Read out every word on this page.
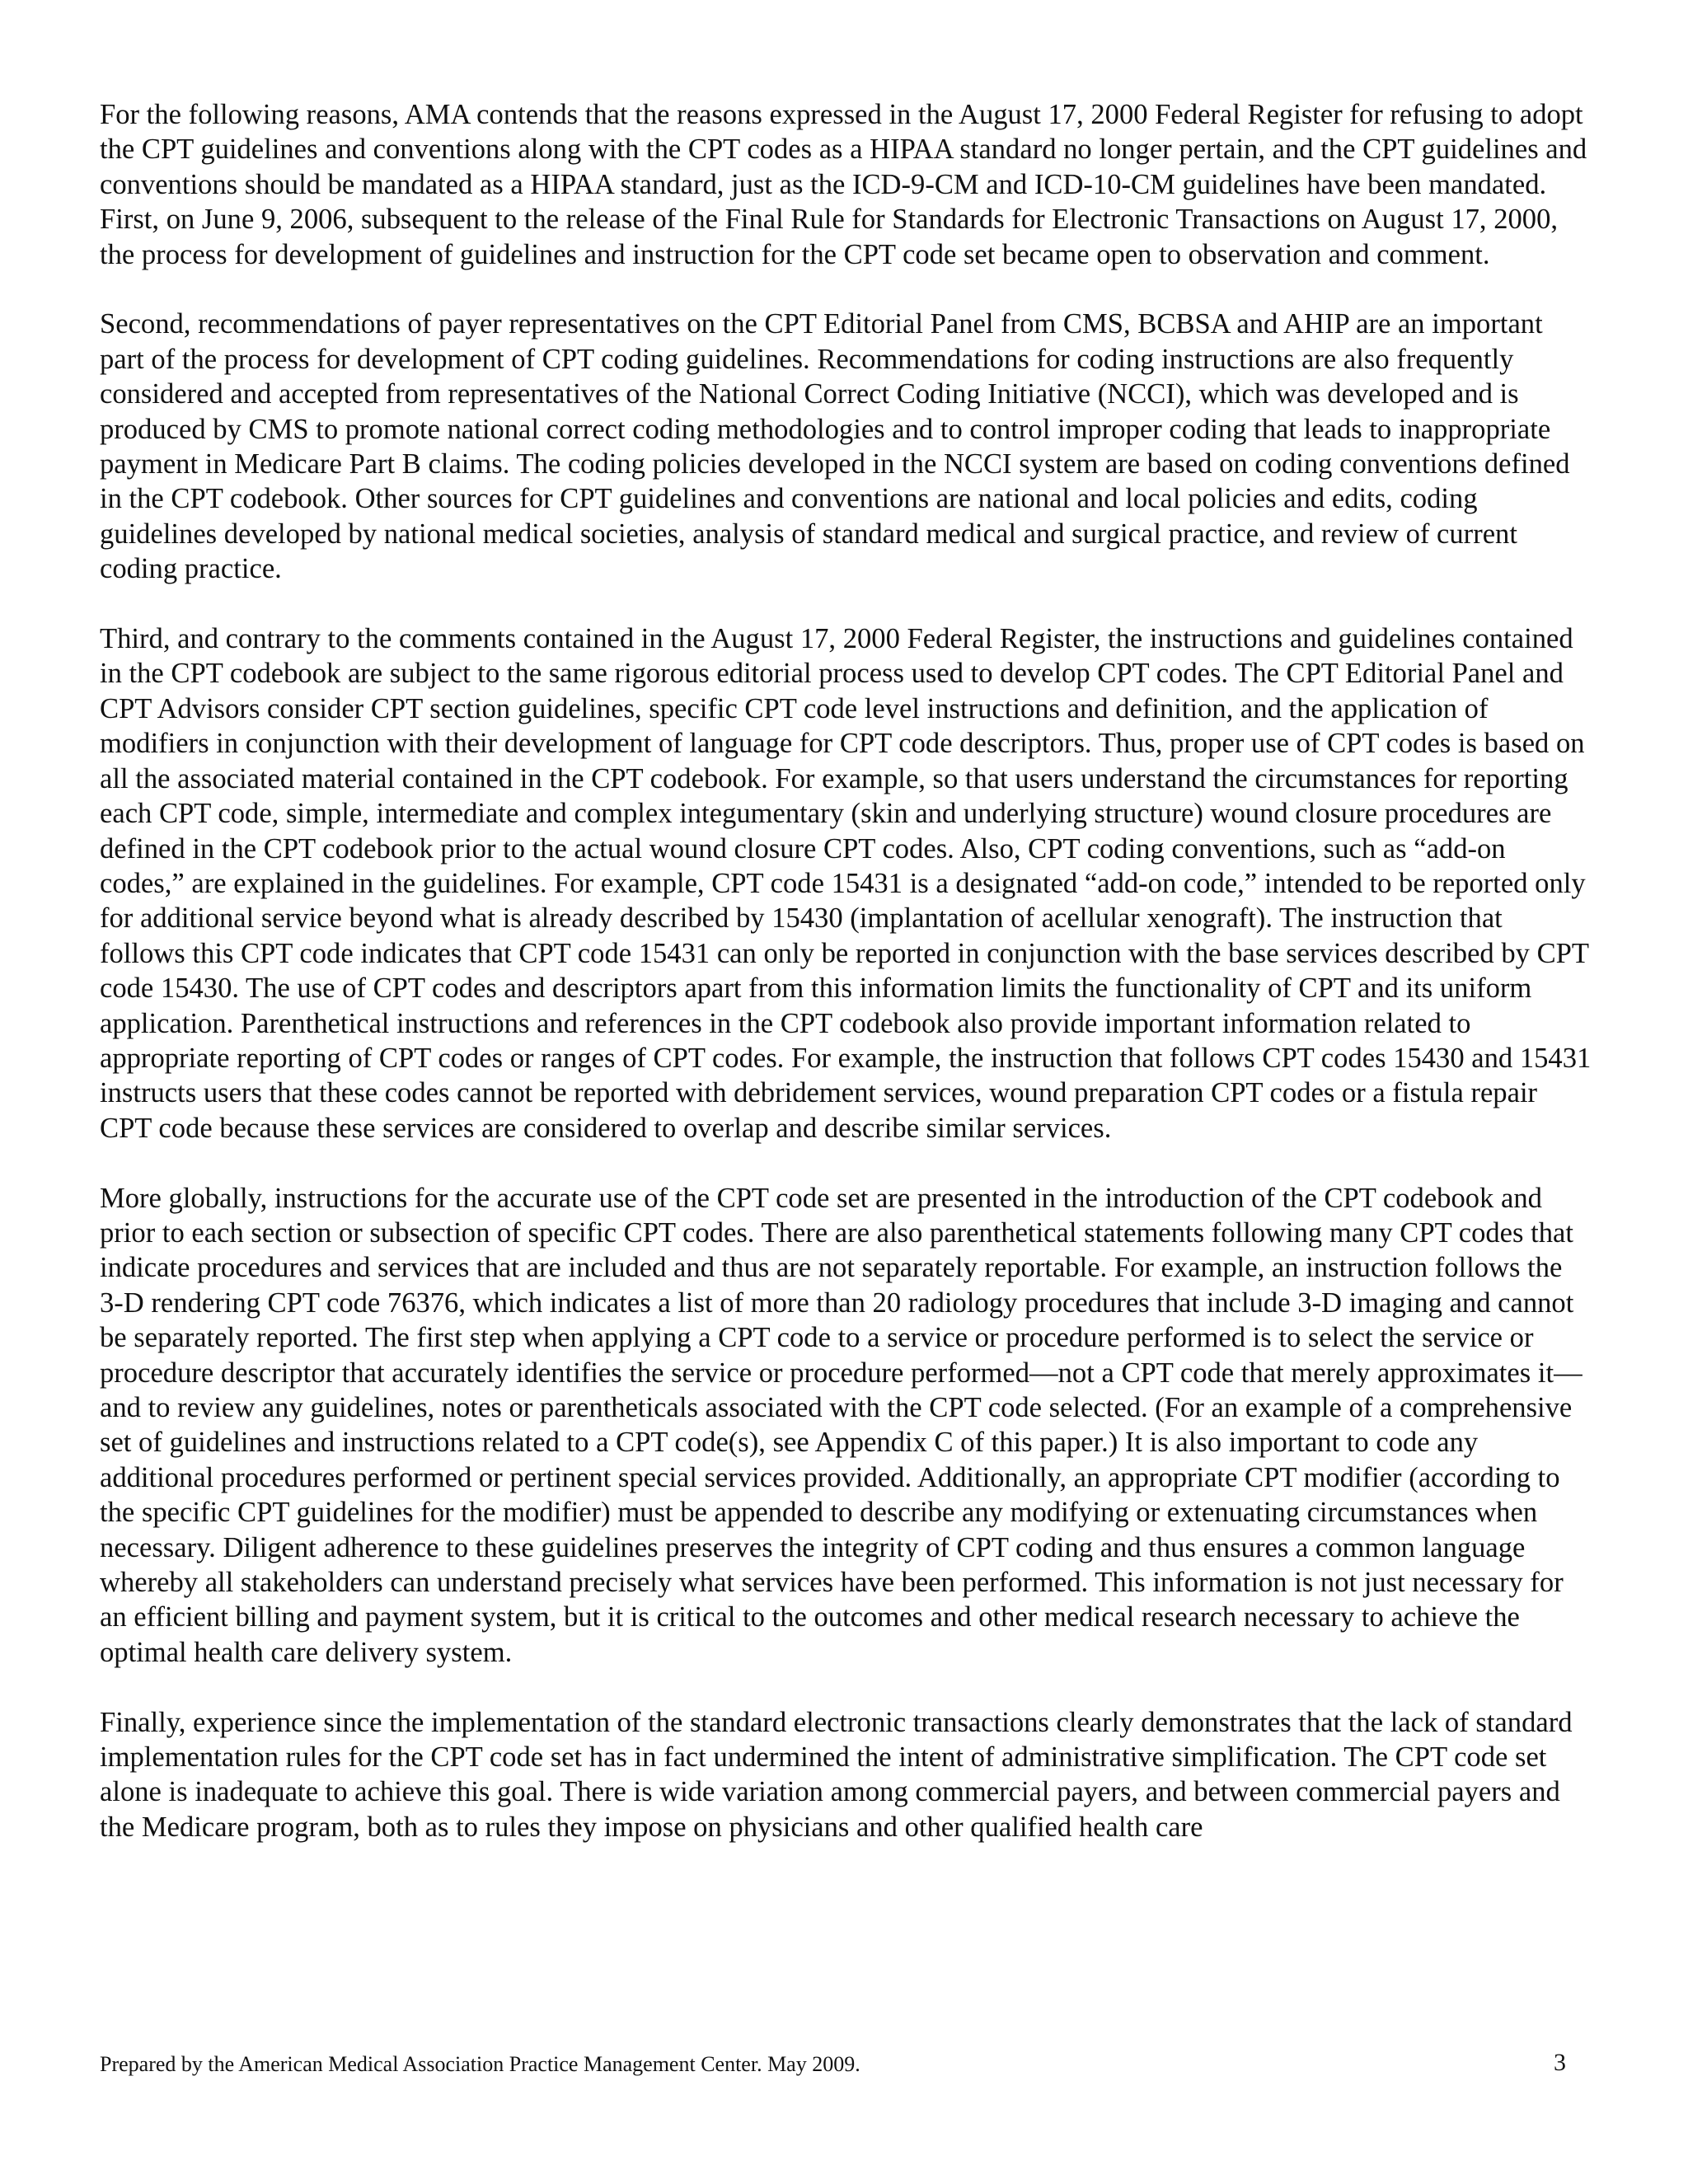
For the following reasons, AMA contends that the reasons expressed in the August 17, 2000 Federal Register for refusing to adopt the CPT guidelines and conventions along with the CPT codes as a HIPAA standard no longer pertain, and the CPT guidelines and conventions should be mandated as a HIPAA standard, just as the ICD-9-CM and ICD-10-CM guidelines have been mandated. First, on June 9, 2006, subsequent to the release of the Final Rule for Standards for Electronic Transactions on August 17, 2000, the process for development of guidelines and instruction for the CPT code set became open to observation and comment.

Second, recommendations of payer representatives on the CPT Editorial Panel from CMS, BCBSA and AHIP are an important part of the process for development of CPT coding guidelines. Recommendations for coding instructions are also frequently considered and accepted from representatives of the National Correct Coding Initiative (NCCI), which was developed and is produced by CMS to promote national correct coding methodologies and to control improper coding that leads to inappropriate payment in Medicare Part B claims. The coding policies developed in the NCCI system are based on coding conventions defined in the CPT codebook. Other sources for CPT guidelines and conventions are national and local policies and edits, coding guidelines developed by national medical societies, analysis of standard medical and surgical practice, and review of current coding practice.

Third, and contrary to the comments contained in the August 17, 2000 Federal Register, the instructions and guidelines contained in the CPT codebook are subject to the same rigorous editorial process used to develop CPT codes. The CPT Editorial Panel and CPT Advisors consider CPT section guidelines, specific CPT code level instructions and definition, and the application of modifiers in conjunction with their development of language for CPT code descriptors. Thus, proper use of CPT codes is based on all the associated material contained in the CPT codebook. For example, so that users understand the circumstances for reporting each CPT code, simple, intermediate and complex integumentary (skin and underlying structure) wound closure procedures are defined in the CPT codebook prior to the actual wound closure CPT codes. Also, CPT coding conventions, such as “add-on codes,” are explained in the guidelines. For example, CPT code 15431 is a designated “add-on code,” intended to be reported only for additional service beyond what is already described by 15430 (implantation of acellular xenograft). The instruction that follows this CPT code indicates that CPT code 15431 can only be reported in conjunction with the base services described by CPT code 15430. The use of CPT codes and descriptors apart from this information limits the functionality of CPT and its uniform application. Parenthetical instructions and references in the CPT codebook also provide important information related to appropriate reporting of CPT codes or ranges of CPT codes. For example, the instruction that follows CPT codes 15430 and 15431 instructs users that these codes cannot be reported with debridement services, wound preparation CPT codes or a fistula repair CPT code because these services are considered to overlap and describe similar services.

More globally, instructions for the accurate use of the CPT code set are presented in the introduction of the CPT codebook and prior to each section or subsection of specific CPT codes. There are also parenthetical statements following many CPT codes that indicate procedures and services that are included and thus are not separately reportable. For example, an instruction follows the 3-D rendering CPT code 76376, which indicates a list of more than 20 radiology procedures that include 3-D imaging and cannot be separately reported. The first step when applying a CPT code to a service or procedure performed is to select the service or procedure descriptor that accurately identifies the service or procedure performed—not a CPT code that merely approximates it—and to review any guidelines, notes or parentheticals associated with the CPT code selected. (For an example of a comprehensive set of guidelines and instructions related to a CPT code(s), see Appendix C of this paper.) It is also important to code any additional procedures performed or pertinent special services provided. Additionally, an appropriate CPT modifier (according to the specific CPT guidelines for the modifier) must be appended to describe any modifying or extenuating circumstances when necessary. Diligent adherence to these guidelines preserves the integrity of CPT coding and thus ensures a common language whereby all stakeholders can understand precisely what services have been performed. This information is not just necessary for an efficient billing and payment system, but it is critical to the outcomes and other medical research necessary to achieve the optimal health care delivery system.

Finally, experience since the implementation of the standard electronic transactions clearly demonstrates that the lack of standard implementation rules for the CPT code set has in fact undermined the intent of administrative simplification. The CPT code set alone is inadequate to achieve this goal. There is wide variation among commercial payers, and between commercial payers and the Medicare program, both as to rules they impose on physicians and other qualified health care

Prepared by the American Medical Association Practice Management Center. May 2009.	3
